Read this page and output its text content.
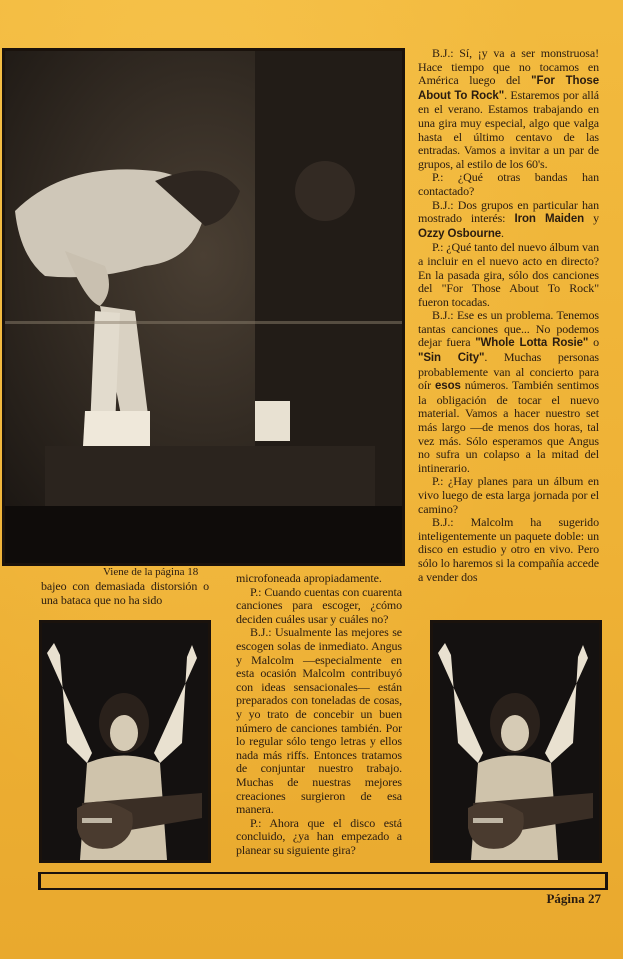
B.J.: Sí, ¡y va a ser monstruosa! Hace tiempo que no tocamos en América luego del "For Those About To Rock". Estaremos por allá en el verano. Estamos trabajando en una gira muy especial, algo que valga hasta el último centavo de las entradas. Vamos a invitar a un par de grupos, al estilo de los 60's.

P.: ¿Qué otras bandas han contactado?

B.J.: Dos grupos en particular han mostrado interés: Iron Maiden y Ozzy Osbourne.

P.: ¿Qué tanto del nuevo álbum van a incluir en el nuevo acto en directo? En la pasada gira, sólo dos canciones del "For Those About To Rock" fueron tocadas.

B.J.: Ese es un problema. Tenemos tantas canciones que... No podemos dejar fuera "Whole Lotta Rosie" o "Sin City". Muchas personas probablemente van al concierto para oír esos números. También sentimos la obligación de tocar el nuevo material. Vamos a hacer nuestro set más largo —de menos dos horas, tal vez más. Sólo esperamos que Angus no sufra un colapso a la mitad del intinerario.

P.: ¿Hay planes para un álbum en vivo luego de esta larga jornada por el camino?

B.J.: Malcolm ha sugerido inteligentemente un paquete doble: un disco en estudio y otro en vivo. Pero sólo lo haremos si la compañía accede a vender dos

Viene de la página 18

bajeo con demasiada distorsión o una bataca que no ha sido

microfoneada apropiadamente.

P.: Cuando cuentas con cuarenta canciones para escoger, ¿cómo deciden cuáles usar y cuáles no?

B.J.: Usualmente las mejores se escogen solas de inmediato. Angus y Malcolm —especialmente en esta ocasión Malcolm contribuyó con ideas sensacionales— están preparados con toneladas de cosas, y yo trato de concebir un buen número de canciones también. Por lo regular sólo tengo letras y ellos nada más riffs. Entonces tratamos de conjuntar nuestro trabajo. Muchas de nuestras mejores creaciones surgieron de esa manera.

P.: Ahora que el disco está concluido, ¿ya han empezado a planear su siguiente gira?

Página 27
